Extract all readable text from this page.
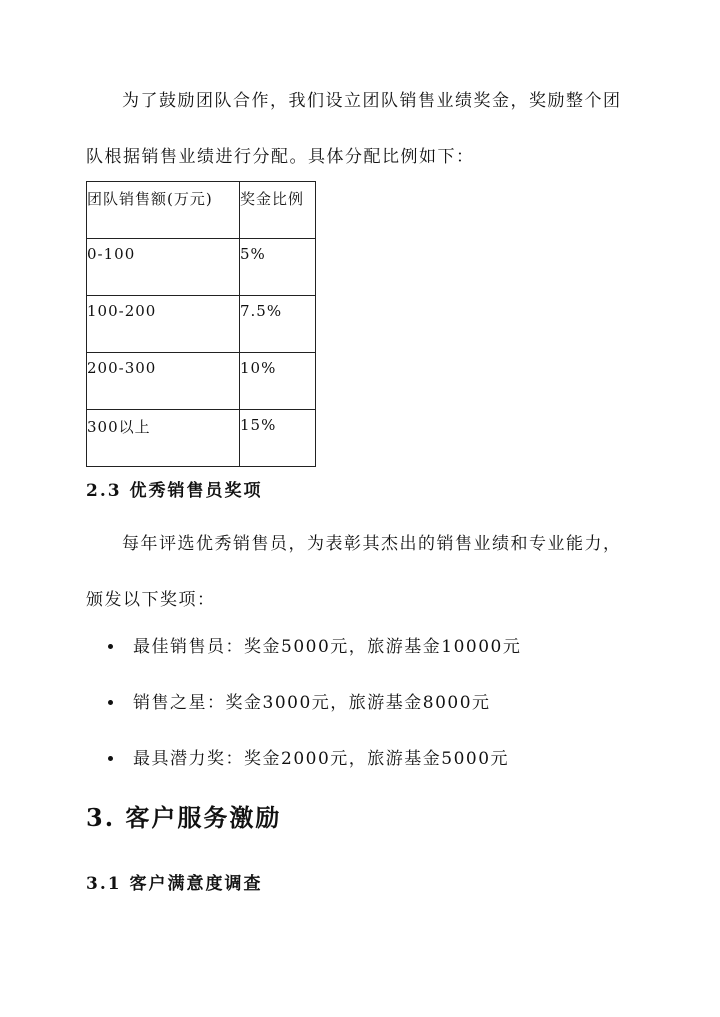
为了鼓励团队合作，我们设立团队销售业绩奖金，奖励整个团
队根据销售业绩进行分配。具体分配比例如下：

团队销售额(万元)	奖金比例
0-100	5%
100-200	7.5%
200-300	10%
300以上	15%
2.3 优秀销售员奖项

每年评选优秀销售员，为表彰其杰出的销售业绩和专业能力，
颁发以下奖项：

最佳销售员：奖金5000元，旅游基金10000元
销售之星：奖金3000元，旅游基金8000元
最具潜力奖：奖金2000元，旅游基金5000元
3. 客户服务激励
3.1 客户满意度调查
